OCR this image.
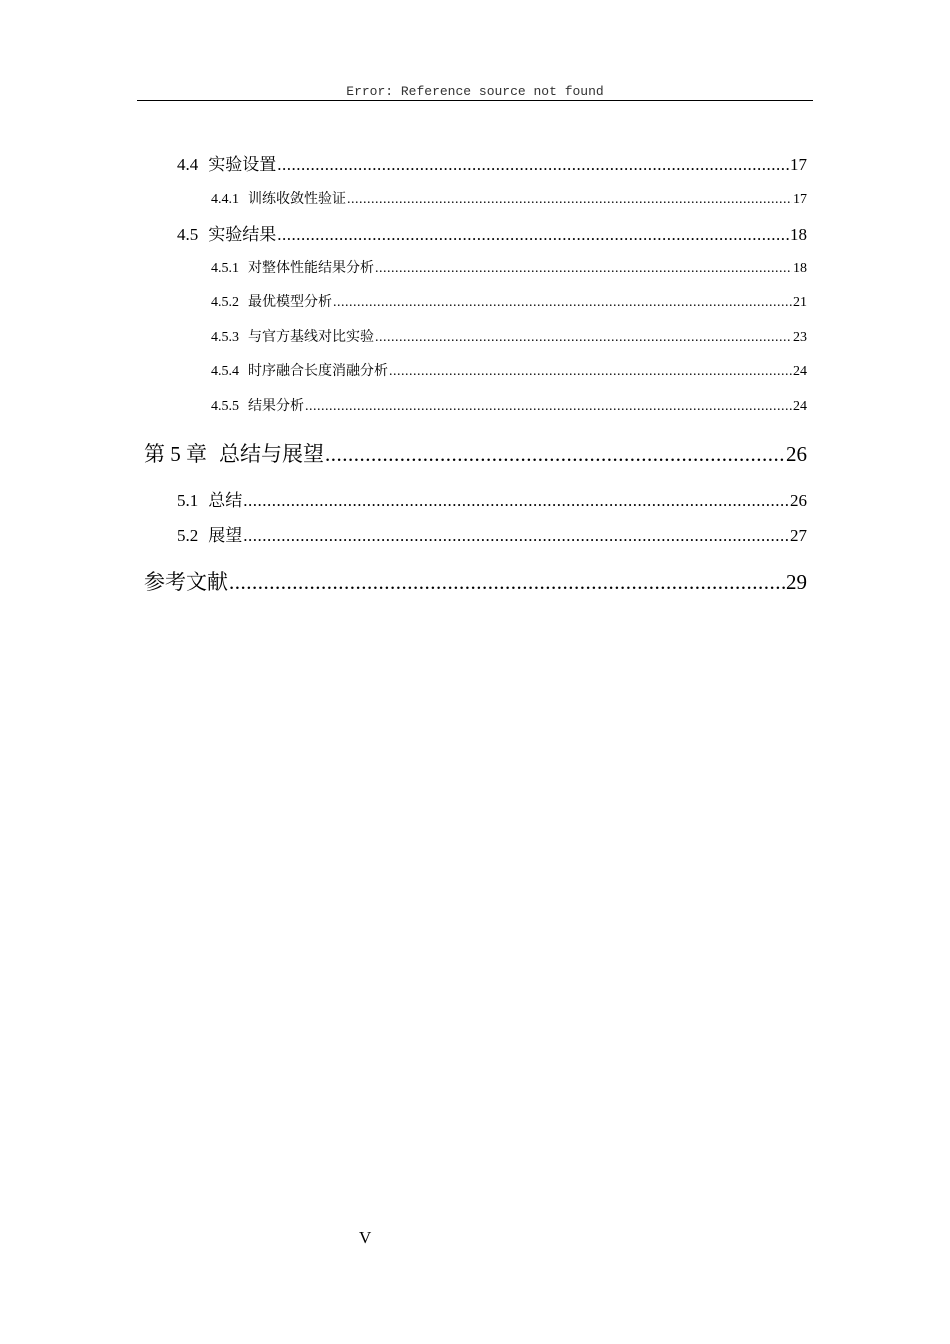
Error: Reference source not found
4.4 实验设置 .....	17
4.4.1 训练收敛性验证 .....	17
4.5 实验结果 .....	18
4.5.1 对整体性能结果分析 .....	18
4.5.2 最优模型分析 .....	21
4.5.3 与官方基线对比实验 .....	23
4.5.4 时序融合长度消融分析 .....	24
4.5.5 结果分析 .....	24
第 5 章 总结与展望 .....	26
5.1 总结 .....	26
5.2 展望 .....	27
参考文献 .....	29
V
